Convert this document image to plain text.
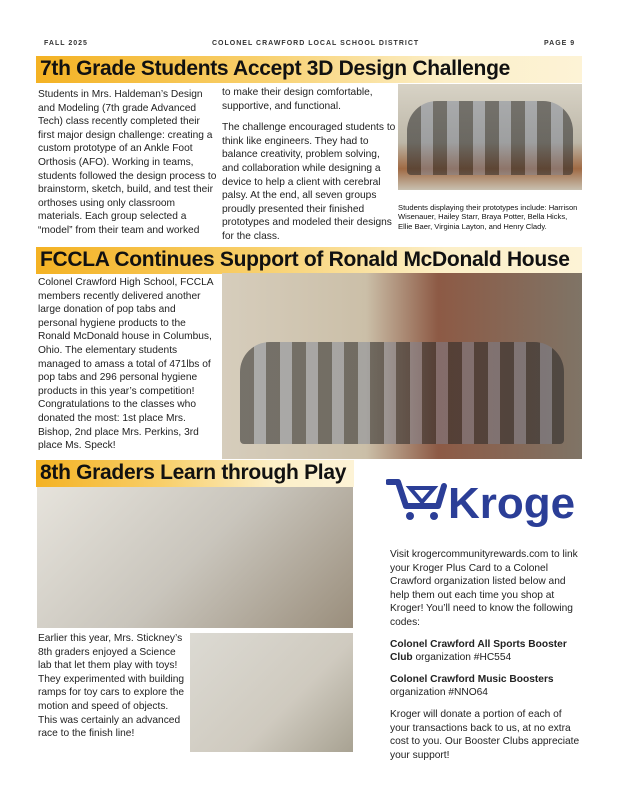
FALL 2025	COLONEL CRAWFORD LOCAL SCHOOL DISTRICT	PAGE 9
7th Grade Students Accept 3D Design Challenge
Students in Mrs. Haldeman’s Design and Modeling (7th grade Advanced Tech) class recently completed their first major design challenge: creating a custom prototype of an Ankle Foot Orthosis (AFO). Working in teams, students followed the design process to brainstorm, sketch, build, and test their orthoses using only classroom materials. Each group selected a “model” from their team and worked

to make their design comfortable, supportive, and functional.

The challenge encouraged students to think like engineers. They had to balance creativity, problem solving, and collaboration while designing a device to help a client with cerebral palsy. At the end, all seven groups proudly presented their finished prototypes and modeled their designs for the class.

Students displaying their prototypes include: Harrison Wisenauer, Hailey Starr, Braya Potter, Bella Hicks, Ellie Baer, Virginia Layton, and Henry Clady.
FCCLA Continues Support of Ronald McDonald House
Colonel Crawford High School, FCCLA members recently delivered another large donation of pop tabs and personal hygiene products to the Ronald McDonald house in Columbus, Ohio. The elementary students managed to amass a total of 471lbs of pop tabs and 296 personal hygiene products in this year’s competition! Congratulations to the classes who donated the most: 1st place Mrs. Bishop, 2nd place Mrs. Perkins, 3rd place Ms. Speck!
8th Graders Learn through Play
Earlier this year, Mrs. Stickney’s 8th graders enjoyed a Science lab that let them play with toys! They experimented with building ramps for toy cars to explore the motion and speed of objects. This was certainly an advanced race to the finish line!
Kroger

Visit krogercommunityrewards.com to link your Kroger Plus Card to a Colonel Crawford organization listed below and help them out each time you shop at Kroger! You’ll need to know the following codes:

Colonel Crawford All Sports Booster Club organization #HC554

Colonel Crawford Music Boosters organization #NNO64

Kroger will donate a portion of each of your transactions back to us, at no extra cost to you. Our Booster Clubs appreciate your support!
